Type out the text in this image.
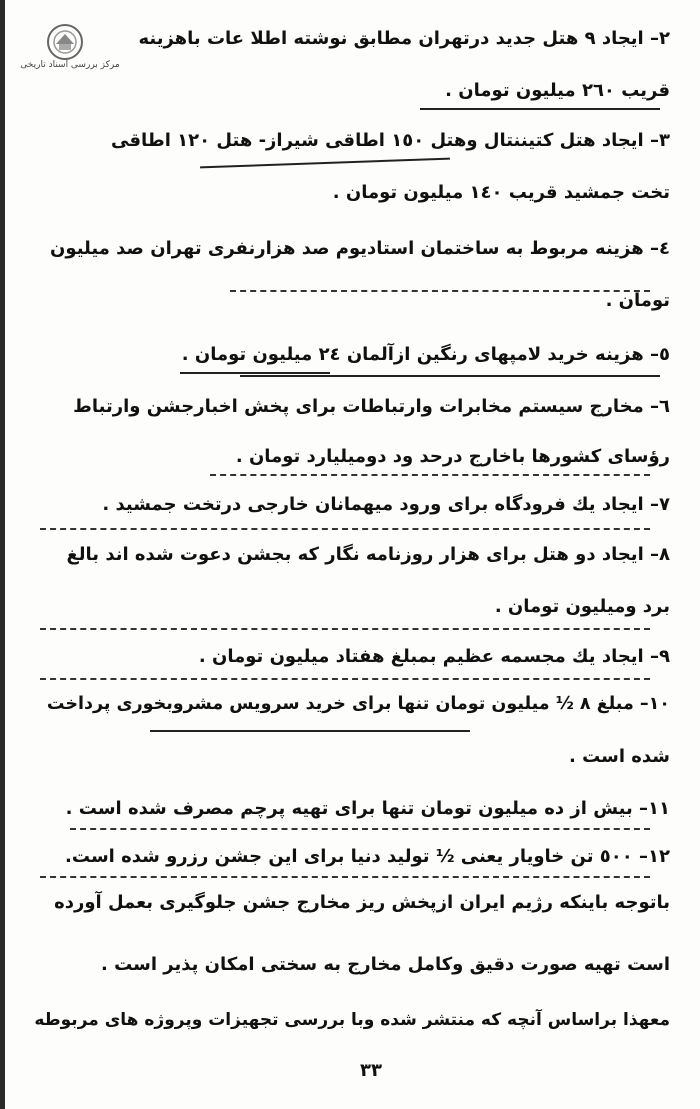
مرکز بررسی اسناد تاریخی
۲– ایجاد ۹ هتل جدید درتهران مطابق نوشته اطلا عات باهزینه
قریب ۲٦٠ میلیون تومان .
۳– ایجاد هتل کتیننتال وهتل ١٥٠ اطاقی شیراز- هتل ١٢٠ اطاقی
تخت جمشید قریب ١٤٠ میلیون تومان .
٤– هزینه مربوط به ساختمان استادیوم صد هزارنفری تهران صد میلیون
تومان .
٥– هزینه خرید لامپهای رنگین ازآلمان ٢٤ میلیون تومان .
٦– مخارج سیستم مخابرات وارتباطات برای پخش اخبارجشن وارتباط
رؤسای کشورها باخارج درحد ود دومیلیارد تومان .
٧– ایجاد یك فرودگاه برای ورود میهمانان خارجی درتخت جمشید .
٨– ایجاد دو هتل برای هزار روزنامه نگار که بجشن دعوت شده اند بالغ
برد ومیلیون تومان .
٩– ایجاد یك مجسمه عظیم بمبلغ هفتاد میلیون تومان .
١٠– مبلغ ٨ ½ میلیون تومان تنها برای خرید سرویس مشروبخوری پرداخت
شده است .
١١– بیش از ده میلیون تومان تنها برای تهیه پرچم مصرف شده است .
١٢– ٥٠٠ تن خاویار یعنی ½ تولید دنیا برای این جشن رزرو شده است.
باتوجه باینکه رژیم ایران ازپخش ریز مخارج جشن جلوگیری بعمل آورده
است تهیه صورت دقیق وکامل مخارج به سختی امکان پذیر است .
معهذا براساس آنچه که منتشر شده وبا بررسی تجهیزات وپروژه های مربوطه
۳۳
